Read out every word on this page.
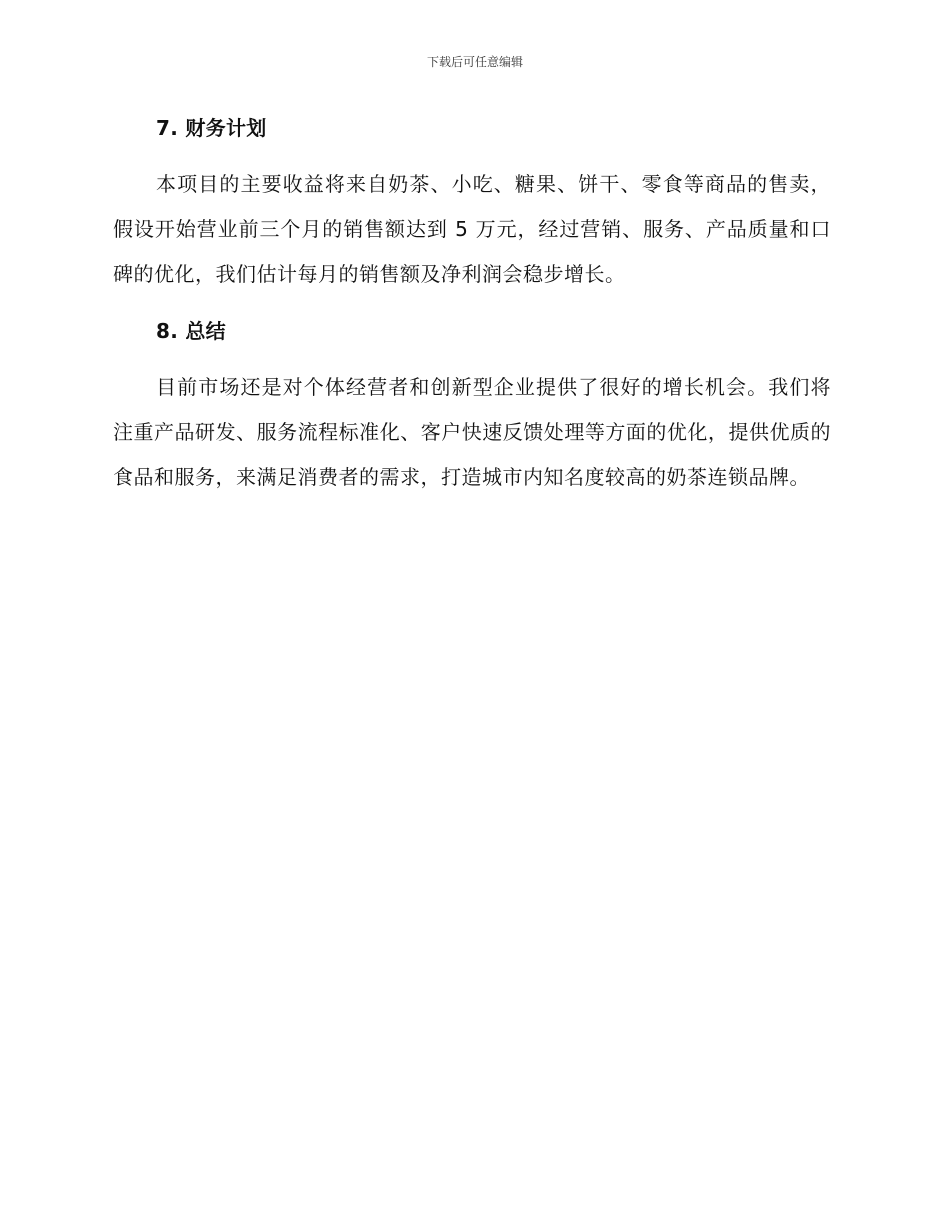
下载后可任意编辑
7. 财务计划

本项目的主要收益将来自奶茶、小吃、糖果、饼干、零食等商品的售卖，假设开始营业前三个月的销售额达到 5 万元，经过营销、服务、产品质量和口碑的优化，我们估计每月的销售额及净利润会稳步增长。

8. 总结

目前市场还是对个体经营者和创新型企业提供了很好的增长机会。我们将注重产品研发、服务流程标准化、客户快速反馈处理等方面的优化，提供优质的食品和服务，来满足消费者的需求，打造城市内知名度较高的奶茶连锁品牌。
